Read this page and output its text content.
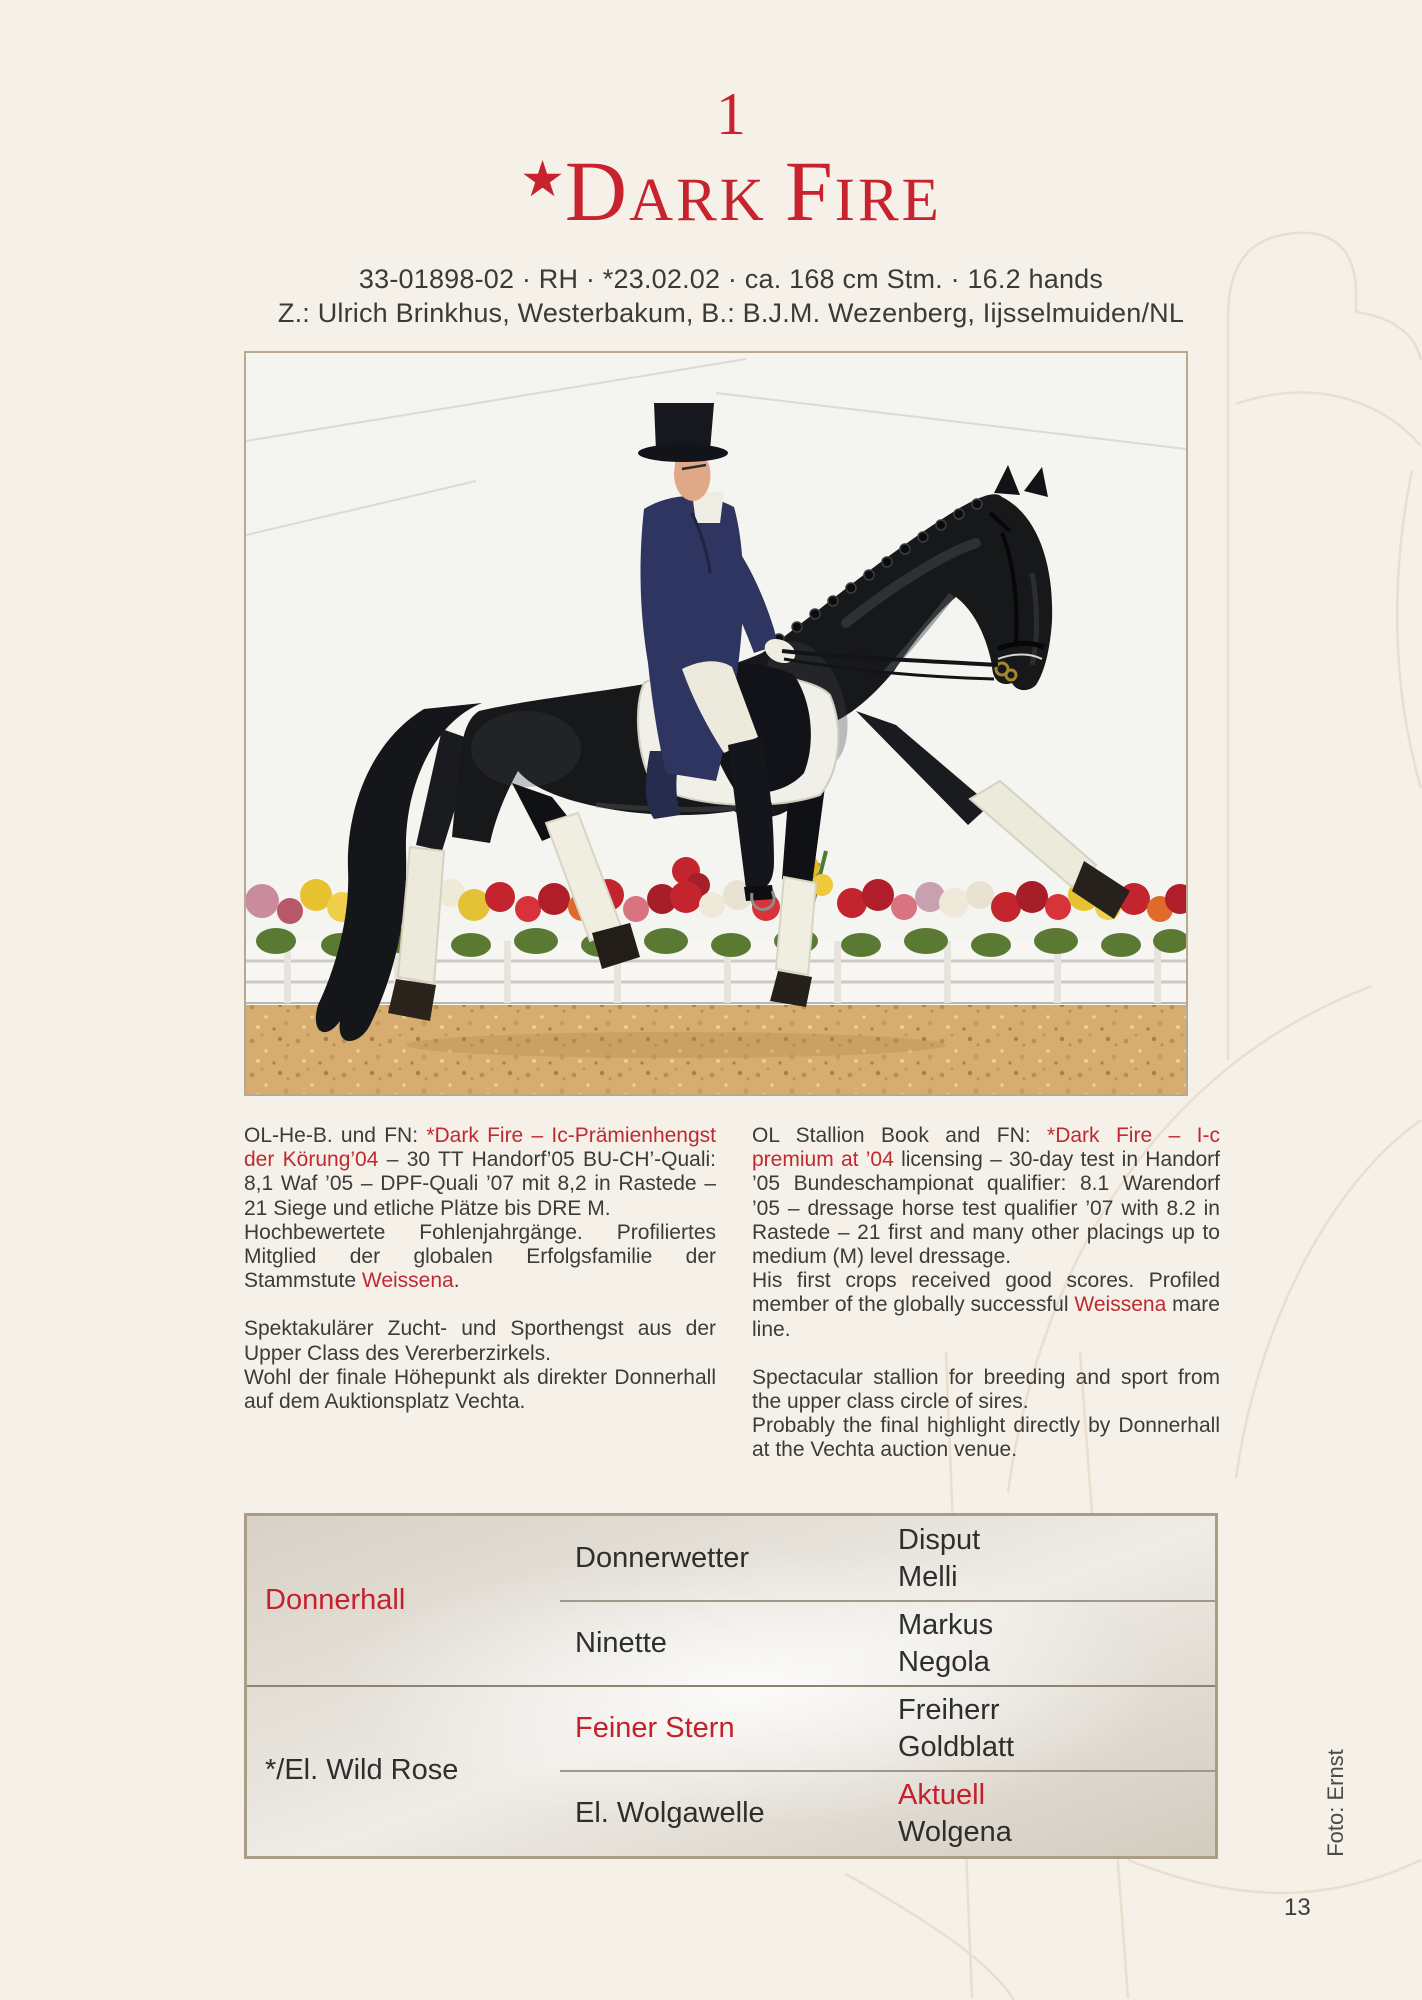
1
★DARK FIRE
33-01898-02 · RH · *23.02.02 · ca. 168 cm Stm. · 16.2 hands
Z.: Ulrich Brinkhus, Westerbakum, B.: B.J.M. Wezenberg, Iijsselmuiden/NL

OL-He-B. und FN: *Dark Fire – Ic-Prämienhengst der Körung’04 – 30 TT Handorf’05 BU-CH’-Quali: 8,1 Waf ’05 – DPF-Quali ’07 mit 8,2 in Rastede – 21 Siege und etliche Plätze bis DRE M.

Hochbewertete Fohlenjahrgänge. Profiliertes Mitglied der globalen Erfolgsfamilie der Stammstute Weissena.

Spektakulärer Zucht- und Sporthengst aus der Upper Class des Vererberzirkels.

Wohl der finale Höhepunkt als direkter Donnerhall auf dem Auktionsplatz Vechta.

OL Stallion Book and FN: *Dark Fire – I-c premium at ’04 licensing – 30-day test in Handorf ’05 Bundeschampionat qualifier: 8.1 Warendorf ’05 – dressage horse test qualifier ’07 with 8.2 in Rastede – 21 first and many other placings up to medium (M) level dressage.

His first crops received good scores. Profiled member of the globally successful Weissena mare line.

Spectacular stallion for breeding and sport from the upper class circle of sires.

Probably the final highlight directly by Donnerhall at the Vechta auction venue.

Donnerhall
*/El. Wild Rose
Donnerwetter
Ninette
Feiner Stern
El. Wolgawelle
Disput
Melli
Markus
Negola
Freiherr
Goldblatt
Aktuell
Wolgena	Foto: Ernst
13
